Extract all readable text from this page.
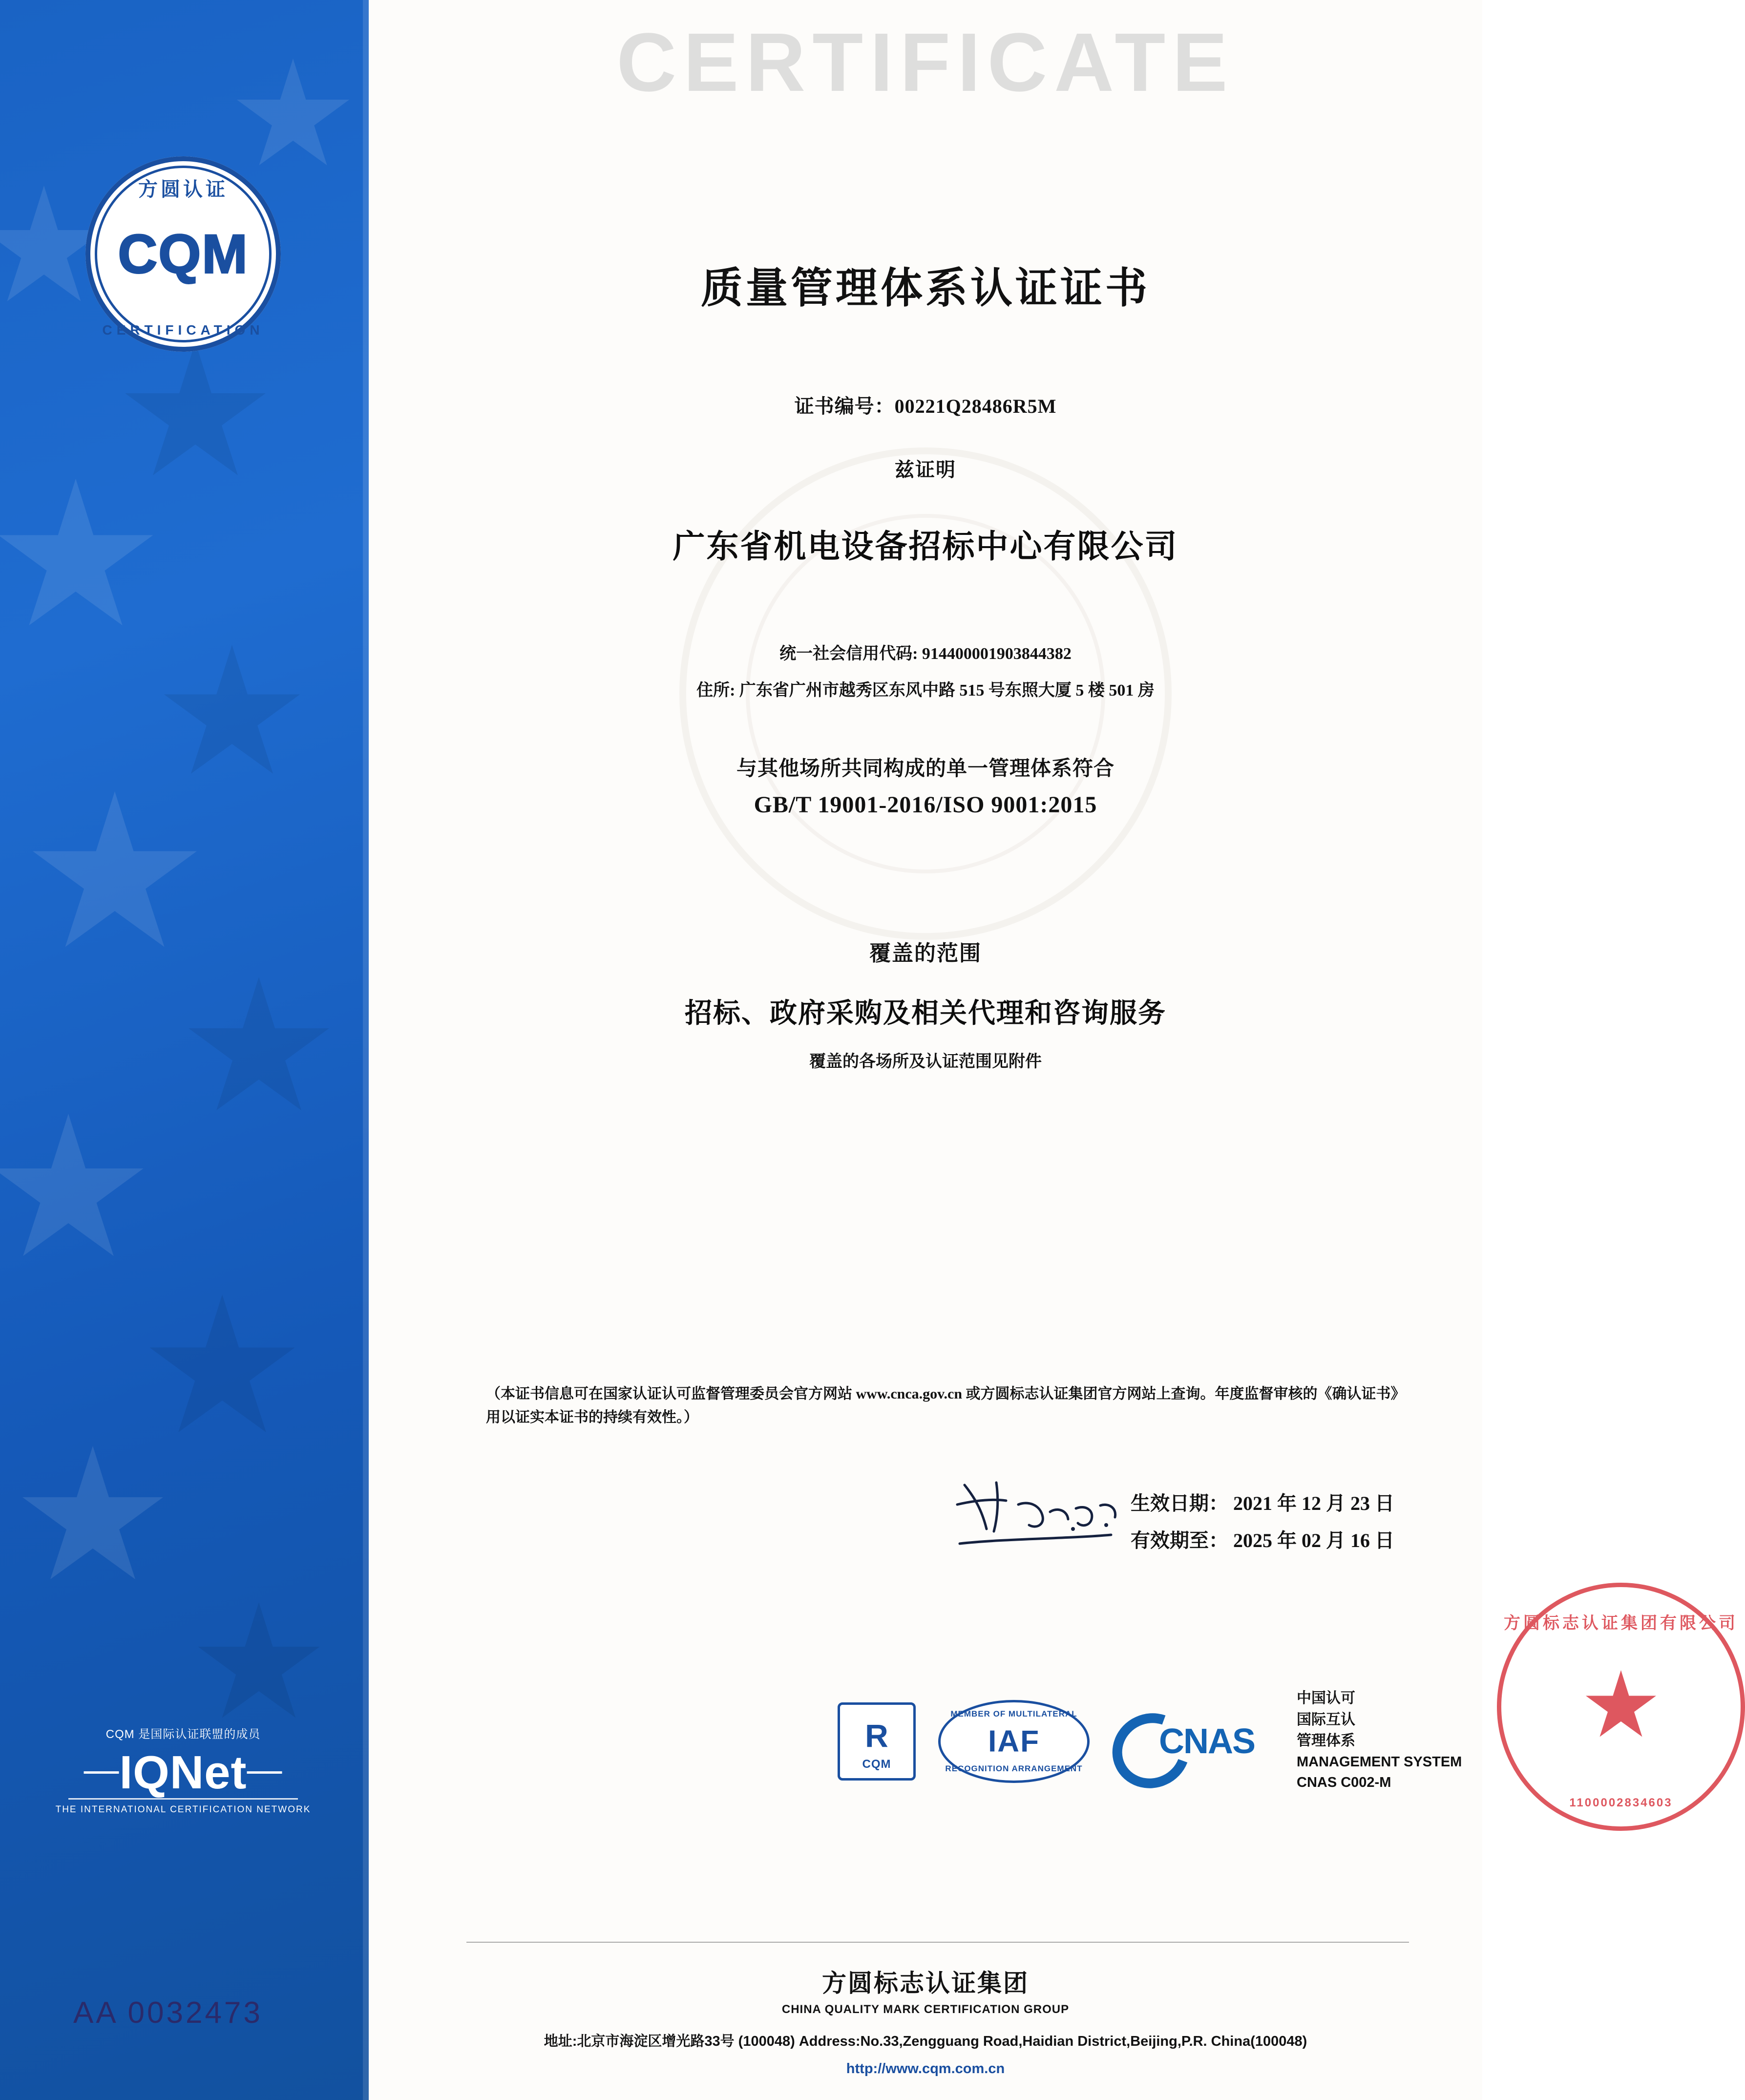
方圆认证
CQM
CERTIFICATION
CQM 是国际认证联盟的成员
—IQNet—
THE INTERNATIONAL CERTIFICATION NETWORK
AA 0032473
CERTIFICATE
质量管理体系认证证书
证书编号：00221Q28486R5M
兹证明
广东省机电设备招标中心有限公司
统一社会信用代码: 914400001903844382
住所: 广东省广州市越秀区东风中路 515 号东照大厦 5 楼 501 房
与其他场所共同构成的单一管理体系符合
GB/T 19001-2016/ISO 9001:2015
覆盖的范围
招标、政府采购及相关代理和咨询服务
覆盖的各场所及认证范围见附件
（本证书信息可在国家认证认可监督管理委员会官方网站 www.cnca.gov.cn 或方圆标志认证集团官方网站上查询。年度监督审核的《确认证书》用以证实本证书的持续有效性。）
生效日期： 2021 年 12 月 23 日
有效期至： 2025 年 02 月 16 日
R
CQM
MEMBER OF MULTILATERAL
IAF
RECOGNITION ARRANGEMENT
CNAS
中国认可
国际互认
管理体系
MANAGEMENT SYSTEM
CNAS C002-M
方圆标志认证集团有限公司
1100002834603
方圆标志认证集团
CHINA QUALITY MARK CERTIFICATION GROUP
地址:北京市海淀区增光路33号 (100048) Address:No.33,Zengguang Road,Haidian District,Beijing,P.R. China(100048)
http://www.cqm.com.cn
